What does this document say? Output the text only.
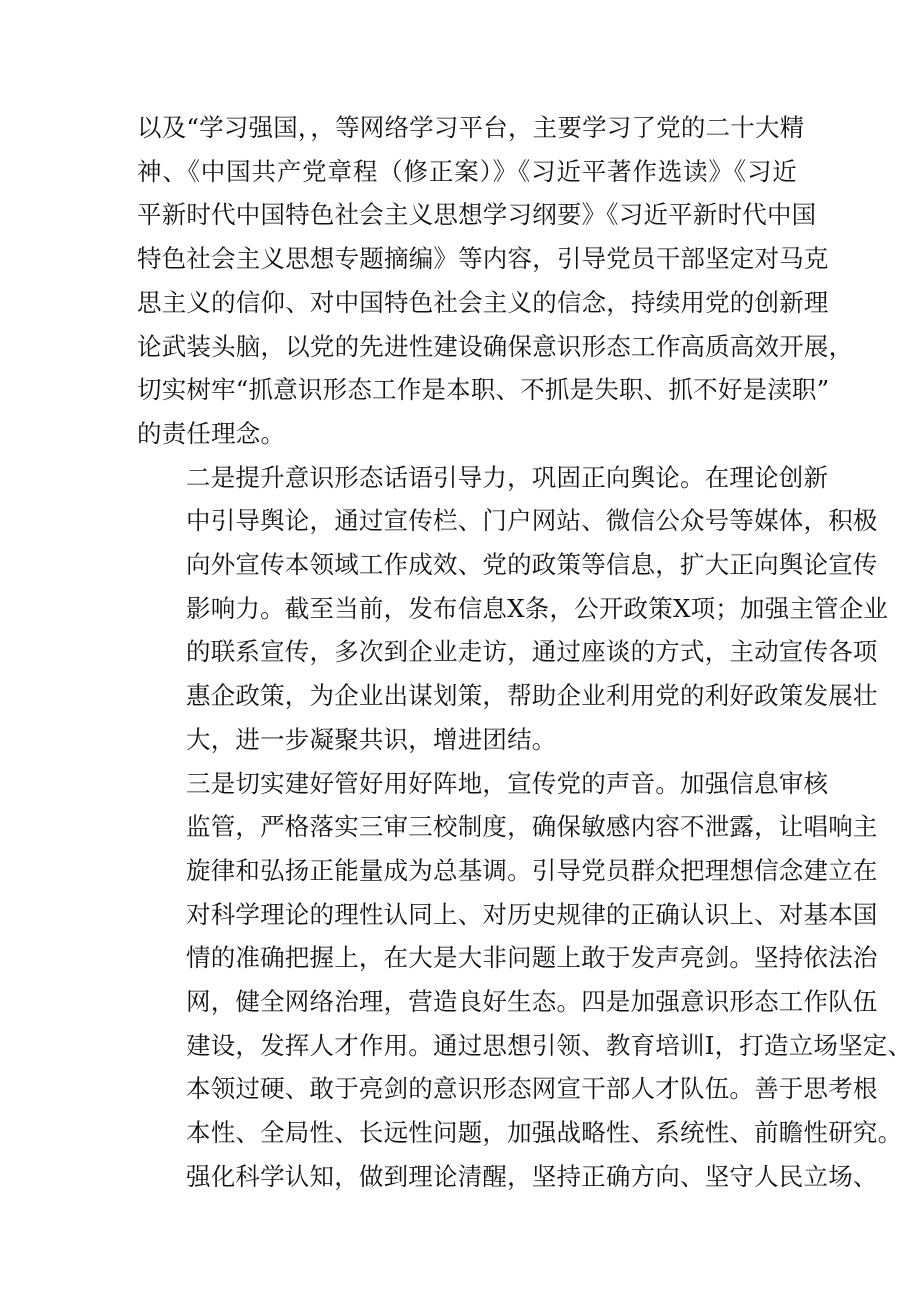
以及“学习强国，，等网络学习平台，主要学习了党的二十大精
神、《中国共产党章程（修正案）》《习近平著作选读》《习近
平新时代中国特色社会主义思想学习纲要》《习近平新时代中国
特色社会主义思想专题摘编》等内容，引导党员干部坚定对马克
思主义的信仰、对中国特色社会主义的信念，持续用党的创新理
论武装头脑，以党的先进性建设确保意识形态工作高质高效开展，
切实树牢“抓意识形态工作是本职、不抓是失职、抓不好是渎职”
的责任理念。
二是提升意识形态话语引导力，巩固正向舆论。在理论创新
中引导舆论，通过宣传栏、门户网站、微信公众号等媒体，积极
向外宣传本领域工作成效、党的政策等信息，扩大正向舆论宣传
影响力。截至当前，发布信息X条，公开政策X项；加强主管企业
的联系宣传，多次到企业走访，通过座谈的方式，主动宣传各项
惠企政策，为企业出谋划策，帮助企业利用党的利好政策发展壮
大，进一步凝聚共识，增进团结。
三是切实建好管好用好阵地，宣传党的声音。加强信息审核
监管，严格落实三审三校制度，确保敏感内容不泄露，让唱响主
旋律和弘扬正能量成为总基调。引导党员群众把理想信念建立在
对科学理论的理性认同上、对历史规律的正确认识上、对基本国
情的准确把握上，在大是大非问题上敢于发声亮剑。坚持依法治
网，健全网络治理，营造良好生态。四是加强意识形态工作队伍
建设，发挥人才作用。通过思想引领、教育培训I，打造立场坚定、
本领过硬、敢于亮剑的意识形态网宣干部人才队伍。善于思考根
本性、全局性、长远性问题，加强战略性、系统性、前瞻性研究。
强化科学认知，做到理论清醒，坚持正确方向、坚守人民立场、
